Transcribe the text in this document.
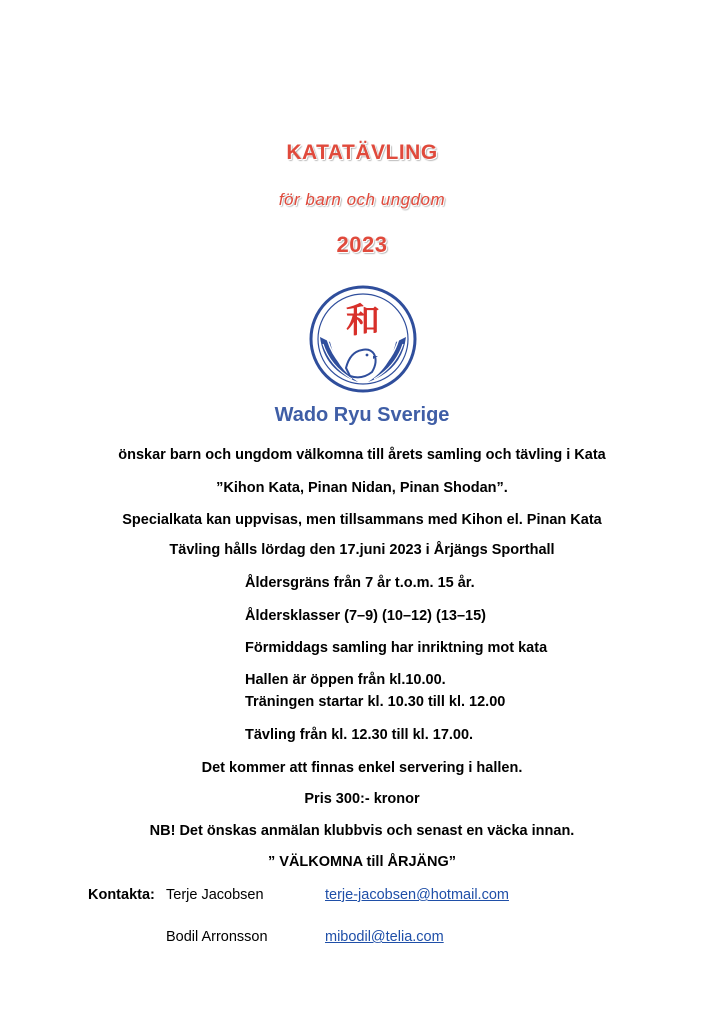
KATATÄVLING
för barn och ungdom
2023
和
Wado Ryu Sverige
önskar barn och ungdom välkomna till årets samling och tävling i Kata
”Kihon Kata, Pinan Nidan, Pinan Shodan”.
Specialkata kan uppvisas, men tillsammans med Kihon el. Pinan Kata
Tävling hålls lördag den 17.juni 2023 i Årjängs Sporthall
Åldersgräns från 7 år t.o.m. 15 år.
Åldersklasser (7–9) (10–12) (13–15)
Förmiddags samling har inriktning mot kata
Hallen är öppen från kl.10.00.
Träningen startar kl. 10.30 till kl. 12.00
Tävling från kl. 12.30 till kl. 17.00.
Det kommer att finnas enkel servering i hallen.
Pris 300:- kronor
NB! Det önskas anmälan klubbvis och senast en väcka innan.
” VÄLKOMNA till ÅRJÄNG”
Kontakta: Terje Jacobsen	terje-jacobsen@hotmail.com
Bodil Arronsson	mibodil@telia.com
